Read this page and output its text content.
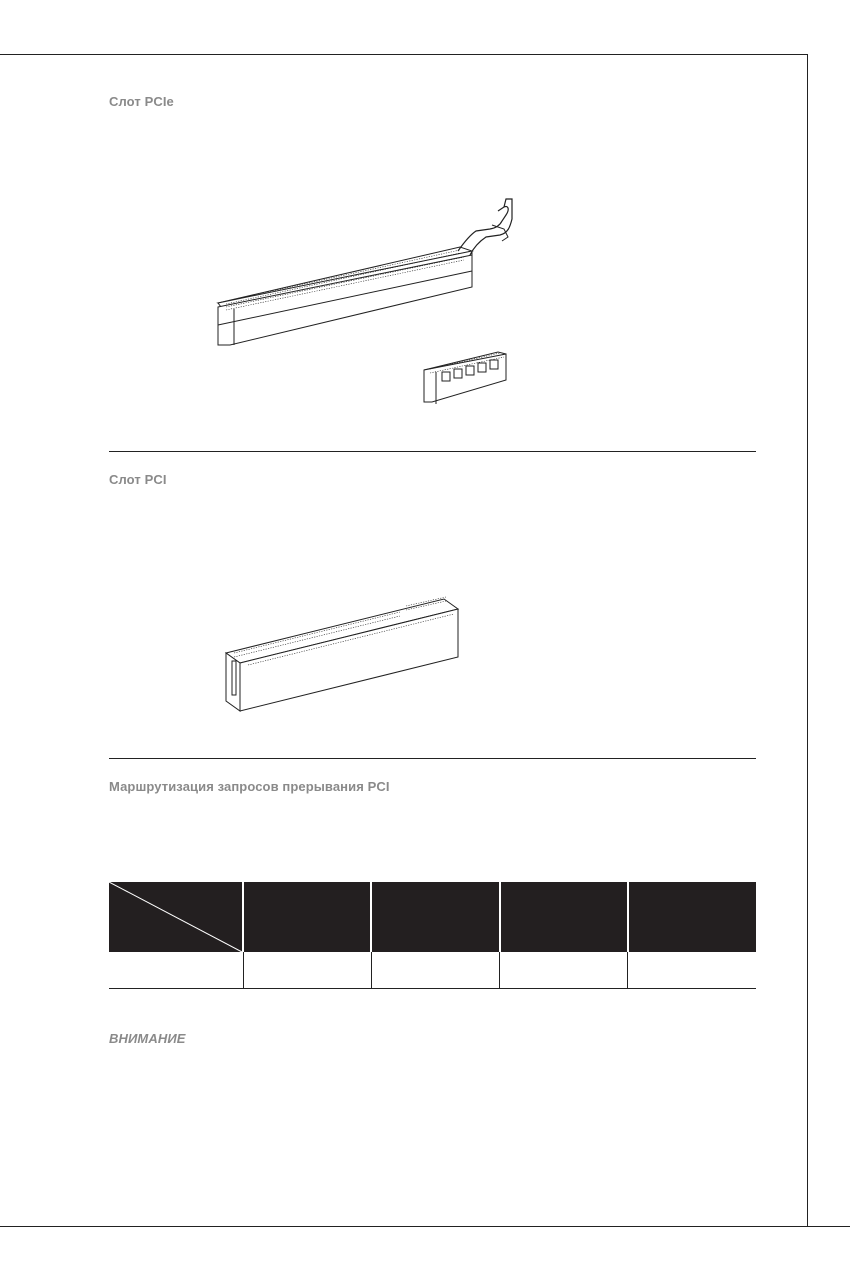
Слот PCIe
Слот PCI
Маршрутизация запросов прерывания PCI

ВНИМАНИЕ
